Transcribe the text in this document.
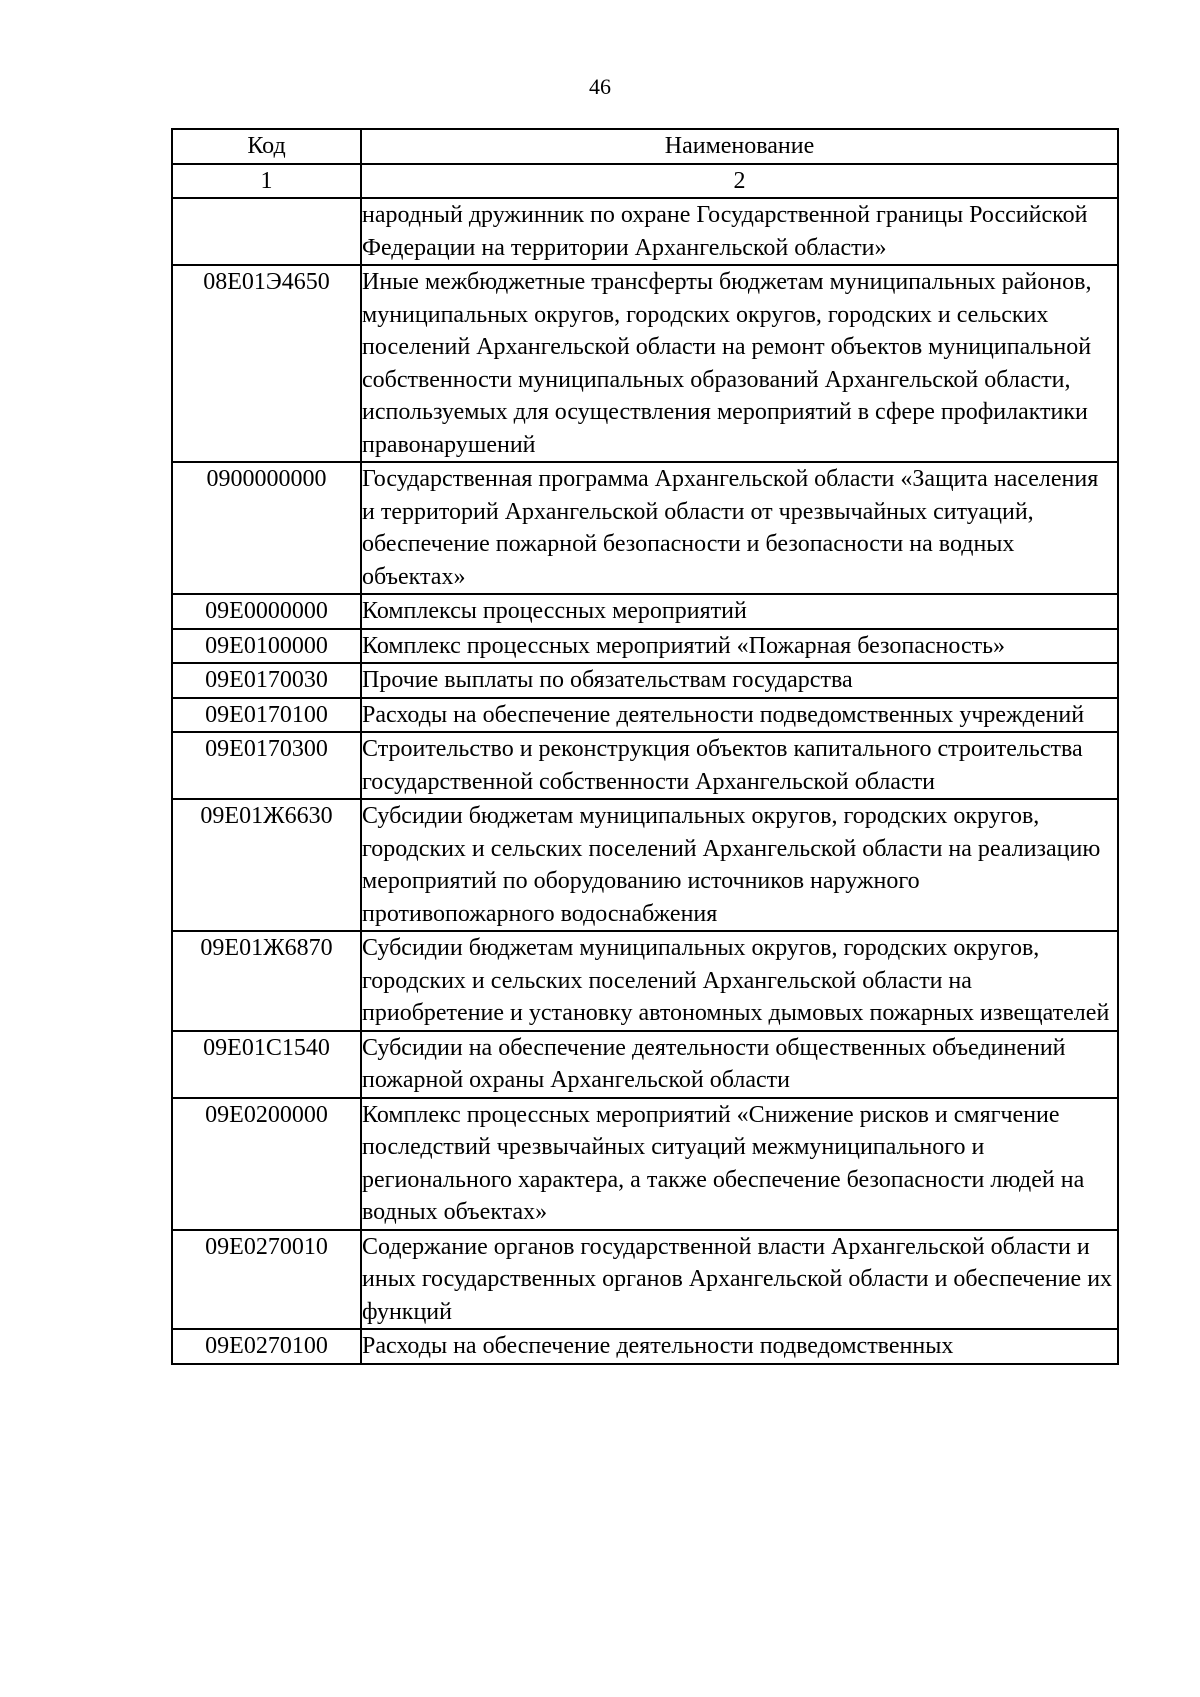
46
Код	Наименование
1	2
	народный дружинник по охране Государственной границы Российской Федерации на территории Архангельской области»
08Е01Э4650	Иные межбюджетные трансферты бюджетам муниципальных районов, муниципальных округов, городских округов, городских и сельских поселений Архангельской области на ремонт объектов муниципальной собственности муниципальных образований Архангельской области, используемых для осуществления мероприятий в сфере профилактики правонарушений
0900000000	Государственная программа Архангельской области «Защита населения и территорий Архангельской области от чрезвычайных ситуаций, обеспечение пожарной безопасности и безопасности на водных объектах»
09Е0000000	Комплексы процессных мероприятий
09Е0100000	Комплекс процессных мероприятий «Пожарная безопасность»
09Е0170030	Прочие выплаты по обязательствам государства
09Е0170100	Расходы на обеспечение деятельности подведомственных учреждений
09Е0170300	Строительство и реконструкция объектов капитального строительства государственной собственности Архангельской области
09Е01Ж6630	Субсидии бюджетам муниципальных округов, городских округов, городских и сельских поселений Архангельской области на реализацию мероприятий по оборудованию источников наружного противопожарного водоснабжения
09Е01Ж6870	Субсидии бюджетам муниципальных округов, городских округов, городских и сельских поселений Архангельской области на приобретение и установку автономных дымовых пожарных извещателей
09Е01С1540	Субсидии на обеспечение деятельности общественных объединений пожарной охраны Архангельской области
09Е0200000	Комплекс процессных мероприятий «Снижение рисков и смягчение последствий чрезвычайных ситуаций межмуниципального и регионального характера, а также обеспечение безопасности людей на водных объектах»
09Е0270010	Содержание органов государственной власти Архангельской области и иных государственных органов Архангельской области и обеспечение их функций
09Е0270100	Расходы на обеспечение деятельности подведомственных
